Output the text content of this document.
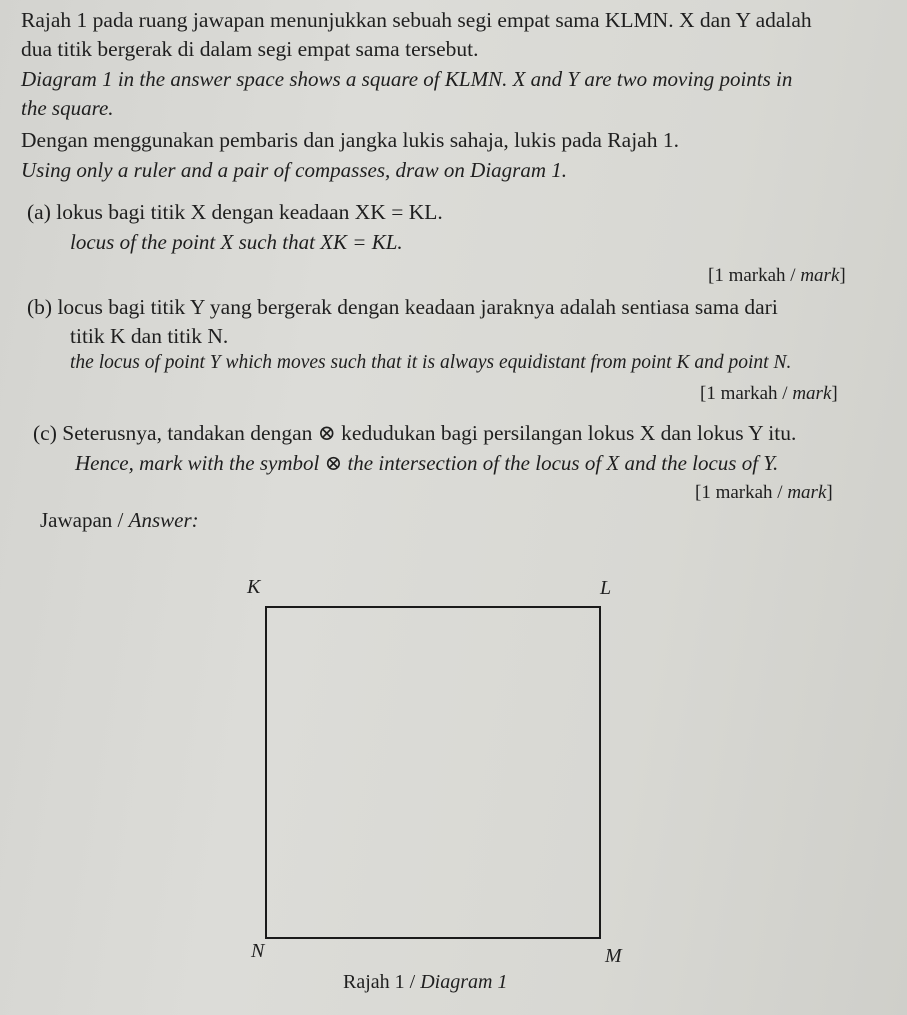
Rajah 1 pada ruang jawapan menunjukkan sebuah segi empat sama KLMN. X dan Y adalah
dua titik bergerak di dalam segi empat sama tersebut.
Diagram 1 in the answer space shows a square of KLMN. X and Y are two moving points in
the square.
Dengan menggunakan pembaris dan jangka lukis sahaja, lukis pada Rajah 1.
Using only a ruler and a pair of compasses, draw on Diagram 1.
(a) lokus bagi titik X dengan keadaan XK = KL.
locus of the point X such that XK = KL.
[1 markah / mark]
(b) locus bagi titik Y yang bergerak dengan keadaan jaraknya adalah sentiasa sama dari
titik K dan titik N.
the locus of point Y which moves such that it is always equidistant from point K and point N.
[1 markah / mark]
(c) Seterusnya, tandakan dengan ⊗ kedudukan bagi persilangan lokus X dan lokus Y itu.
Hence, mark with the symbol ⊗ the intersection of the locus of X and the locus of Y.
[1 markah / mark]
Jawapan / Answer:
K	L
N	M
Rajah 1 / Diagram 1
